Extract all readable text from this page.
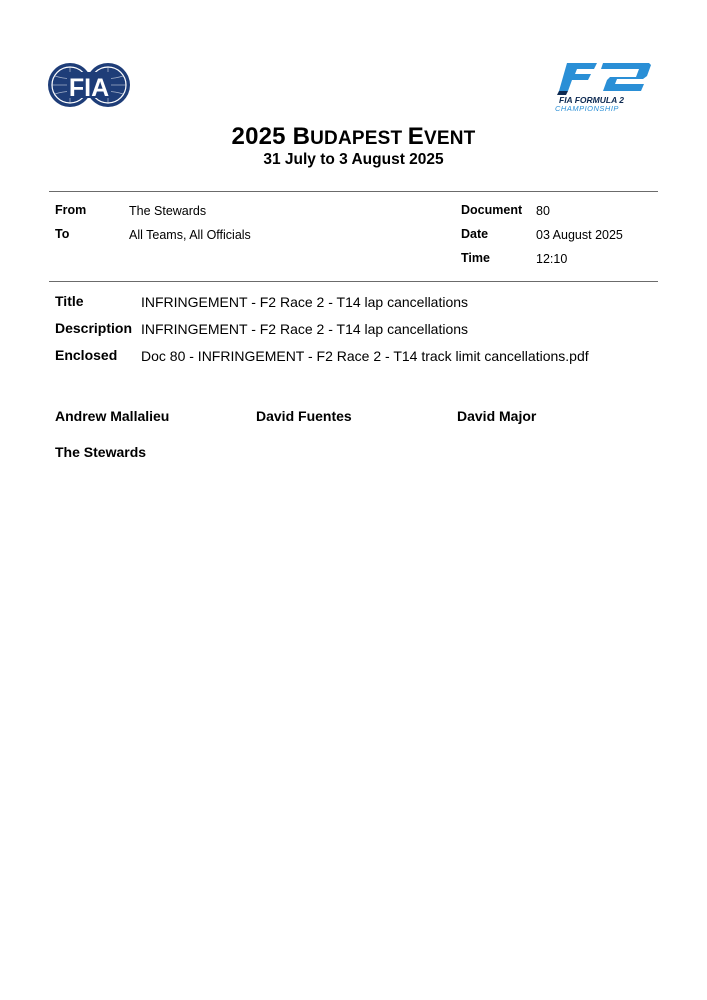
FIA	FIA FORMULA 2
CHAMPIONSHIP
2025 BUDAPEST EVENT
31 July to 3 August 2025
From	The Stewards
To	All Teams, All Officials
Document 80
Date	03 August 2025
Time	12:10
Title	INFRINGEMENT - F2 Race 2 - T14 lap cancellations
Description INFRINGEMENT - F2 Race 2 - T14 lap cancellations
Enclosed Doc 80 - INFRINGEMENT - F2 Race 2 - T14 track limit cancellations.pdf
Andrew Mallalieu	David Fuentes	David Major
The Stewards
